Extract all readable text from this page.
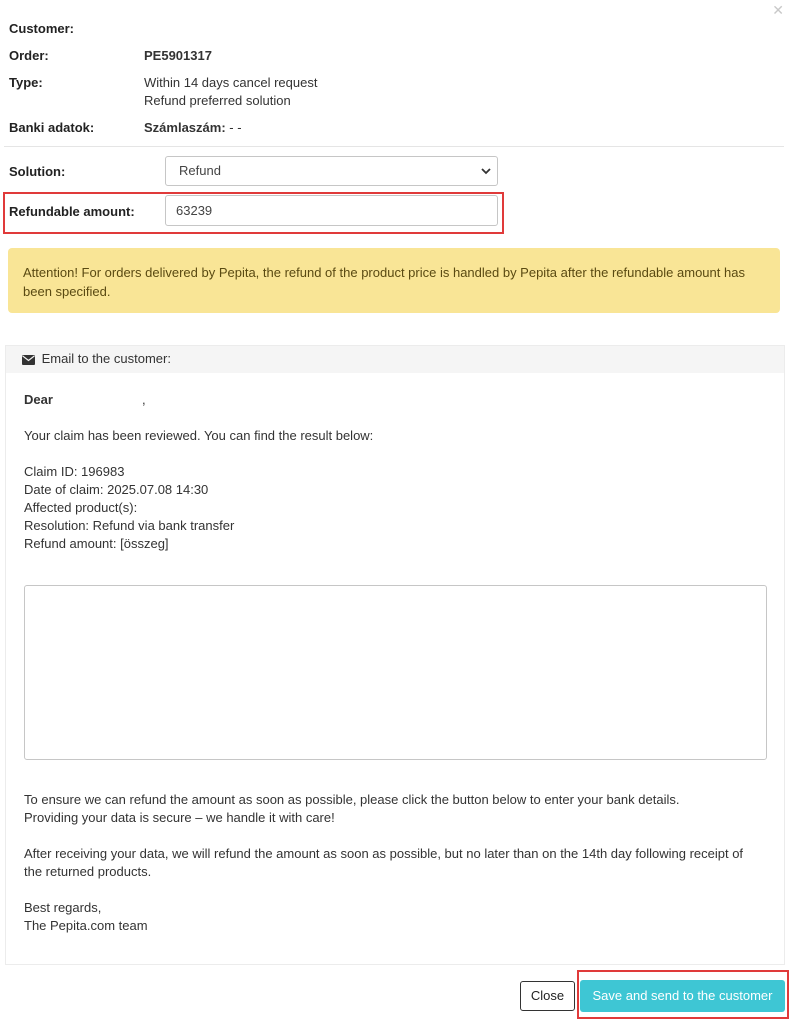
✕
Customer:
Order:	PE5901317
Type:	Within 14 days cancel request
Refund preferred solution
Banki adatok:	Számlaszám: - -
Solution:	Refund
Refundable amount:	63239
Attention! For orders delivered by Pepita, the refund of the product price is handled by Pepita after the refundable amount has been specified.
Email to the customer:
Dear	,
Your claim has been reviewed. You can find the result below:
Claim ID: 196983
Date of claim: 2025.07.08 14:30
Affected product(s):
Resolution: Refund via bank transfer
Refund amount: [összeg]
To ensure we can refund the amount as soon as possible, please click the button below to enter your bank details.
Providing your data is secure – we handle it with care!
After receiving your data, we will refund the amount as soon as possible, but no later than on the 14th day following receipt of
the returned products.
Best regards,
The Pepita.com team
Close	Save and send to the customer
